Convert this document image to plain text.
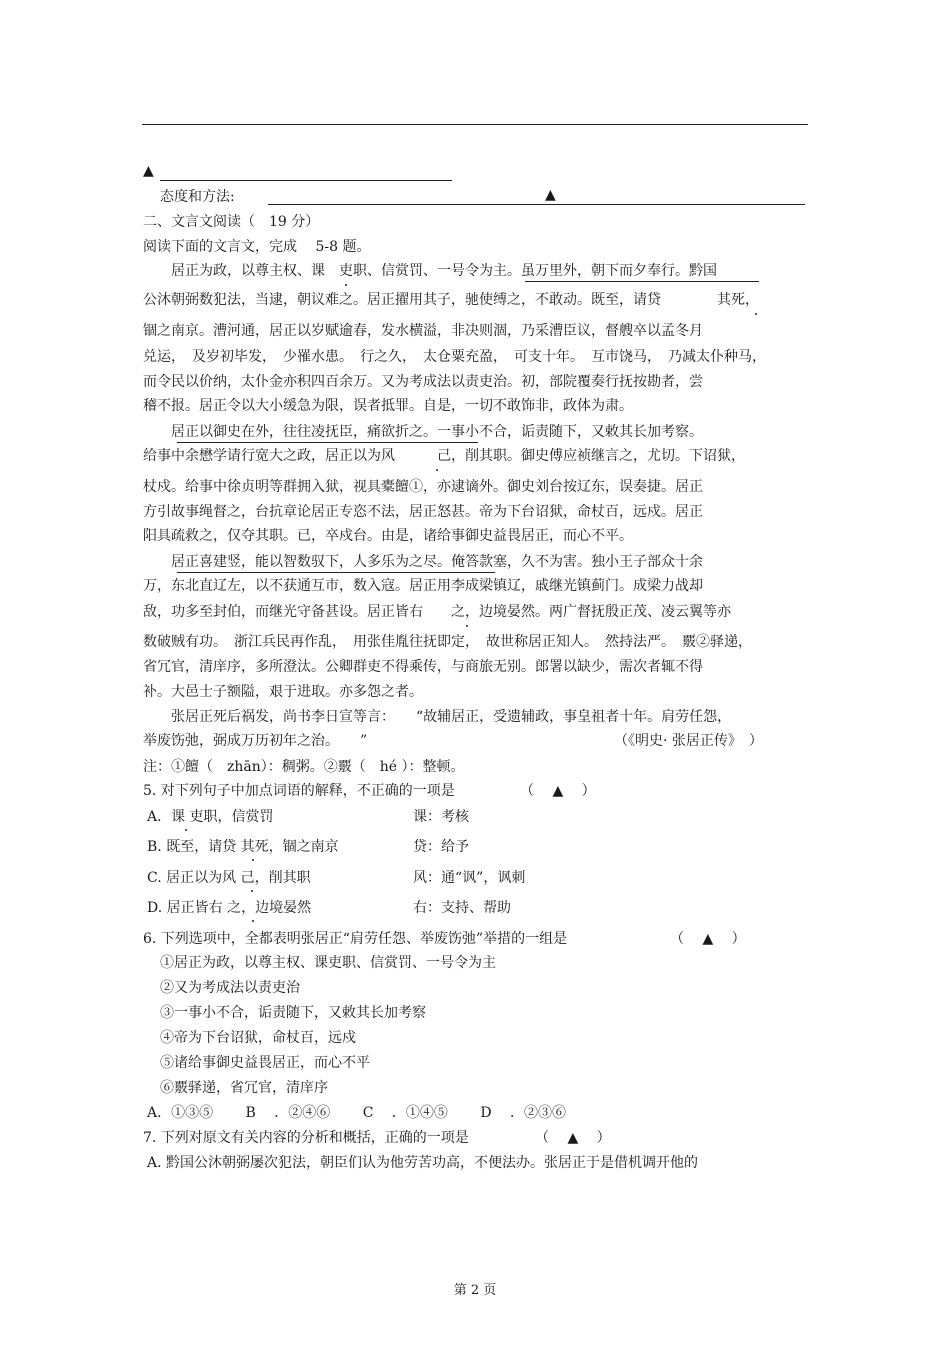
▲
态度和方法:	▲
二、文言文阅读（　19 分）
阅读下面的文言文，完成　 5-8 题。
　　居正为政，以尊主权、课　吏职、信赏罚、一号令为主。虽万里外，朝下而夕奉行。黔国
公沐朝弼数犯法，当逮，朝议难之。居正擢用其子，驰使缚之，不敢动。既至，请贷　　　　其死，
锢之南京。漕河通，居正以岁赋逾春，发水横溢，非决则涸，乃采漕臣议，督艘卒以孟冬月
兑运，　及岁初毕发，　少罹水患。　行之久，　太仓粟充盈，　可支十年。　互市饶马，　乃减太仆种马，
而令民以价纳，太仆金亦积四百余万。又为考成法以责吏治。初，部院覆奏行抚按勘者，尝
稽不报。居正令以大小缓急为限，误者抵罪。自是，一切不敢饰非，政体为肃。
　　居正以御史在外，往往凌抚臣，痛欲折之。一事小不合，诟责随下，又敕其长加考察。
给事中余懋学请行宽大之政，居正以为风　　　己，削其职。御史傅应祯继言之，尤切。下诏狱，
杖戍。给事中徐贞明等群拥入狱，视具橐饘①，亦逮谪外。御史刘台按辽东，误奏捷。居正
方引故事绳督之，台抗章论居正专恣不法，居正怒甚。帝为下台诏狱，命杖百，远戍。居正
阳具疏救之，仅夺其职。已，卒戍台。由是，诸给事御史益畏居正，而心不平。
　　居正喜建竖，能以智数驭下，人多乐为之尽。俺答款塞，久不为害。独小王子部众十余
万，东北直辽左，以不获通互市，数入寇。居正用李成梁镇辽，戚继光镇蓟门。成梁力战却
敌，功多至封伯，而继光守备甚设。居正皆右　　之，边境晏然。两广督抚殷正茂、凌云翼等亦
数破贼有功。　浙江兵民再作乱，　用张佳胤往抚即定，　故世称居正知人。　然持法严。　覈②驿递，
省冗官，清庠序，多所澄汰。公卿群吏不得乘传，与商旅无别。郎署以缺少，需次者辄不得
补。大邑士子额隘，艰于进取。亦多怨之者。
　　张居正死后祸发，尚书李日宣等言：　　“故辅居正，受遗辅政，事皇祖者十年。肩劳任怨，
举废饬弛，弼成万历初年之治。　　”	（《明史· 张居正传》　）
注：①饘（　zhān）：稠粥。②覈（　hé ）：整顿。
5. 对下列句子中加点词语的解释，不正确的一项是	（　 ▲　 ）
A．课 吏职，信赏罚	课：考核
B. 既至，请贷 其死，锢之南京	贷：给予
C. 居正以为风 己，削其职	风：通“讽”，讽刺
D. 居正皆右 之，边境晏然	右：支持、帮助
6. 下列选项中，全都表明张居正“肩劳任怨、举废饬弛”举措的一组是	（　 ▲　 ）
①居正为政，以尊主权、课吏职、信赏罚、一号令为主
②又为考成法以责吏治
③一事小不合，诟责随下，又敕其长加考察
④帝为下台诏狱，命杖百，远戍
⑤诸给事御史益畏居正，而心不平
⑥覈驿递，省冗官，清庠序
A．①③⑤　　 B　 ．②④⑥　　 C　 ．①④⑤　　 D　 ．②③⑥
7. 下列对原文有关内容的分析和概括，正确的一项是	（　 ▲　 ）
A. 黔国公沐朝弼屡次犯法，朝臣们认为他劳苦功高，不便法办。张居正于是借机调开他的
第 2 页
